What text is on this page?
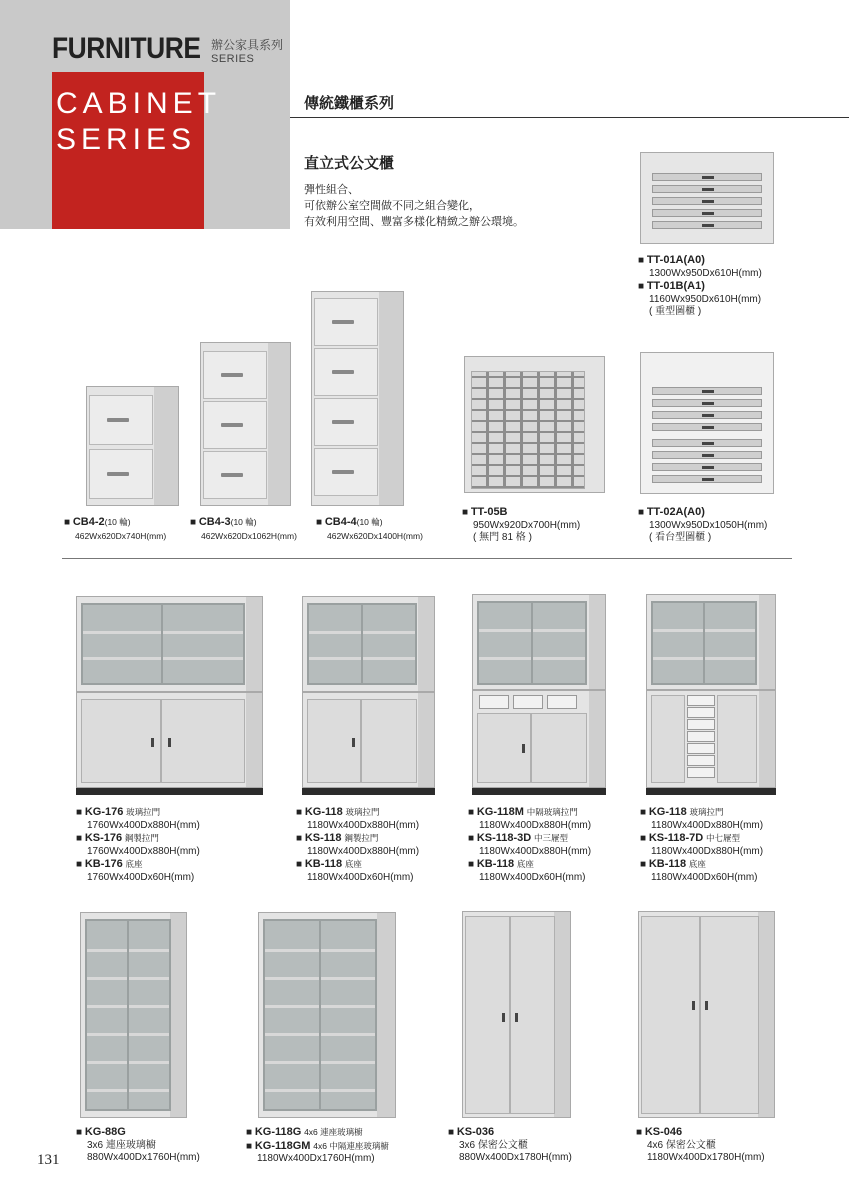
FURNITURE 辦公家具系列
SERIES
CABINET
SERIES
傳統鐵櫃系列
直立式公文櫃
彈性組合、
可依辦公室空間做不同之組合變化，
有效利用空間、豐富多樣化精緻之辦公環境。
■ CB4-2(10 輪)
462Wx620Dx740H(mm)
■ CB4-3(10 輪)
462Wx620Dx1062H(mm)
■ CB4-4(10 輪)
462Wx620Dx1400H(mm)
■ TT-05B
950Wx920Dx700H(mm)
( 無門 81 格 )
■ TT-01A(A0)
1300Wx950Dx610H(mm)
■ TT-01B(A1)
1160Wx950Dx610H(mm)
( 重型圖櫃 )
■ TT-02A(A0)
1300Wx950Dx1050H(mm)
( 看台型圖櫃 )
■ KG-176 玻璃拉門
1760Wx400Dx880H(mm)
■ KS-176 鋼製拉門
1760Wx400Dx880H(mm)
■ KB-176 底座
1760Wx400Dx60H(mm)
■ KG-118 玻璃拉門
1180Wx400Dx880H(mm)
■ KS-118 鋼製拉門
1180Wx400Dx880H(mm)
■ KB-118 底座
1180Wx400Dx60H(mm)
■ KG-118M 中隔玻璃拉門
1180Wx400Dx880H(mm)
■ KS-118-3D 中三屜型
1180Wx400Dx880H(mm)
■ KB-118 底座
1180Wx400Dx60H(mm)
■ KG-118 玻璃拉門
1180Wx400Dx880H(mm)
■ KS-118-7D 中七屜型
1180Wx400Dx880H(mm)
■ KB-118 底座
1180Wx400Dx60H(mm)
■ KG-88G
3x6 連座玻璃櫥
880Wx400Dx1760H(mm)
■ KG-118G 4x6 連座玻璃櫥
■ KG-118GM 4x6 中隔連座玻璃櫥
1180Wx400Dx1760H(mm)
■ KS-036
3x6 保密公文櫃
880Wx400Dx1780H(mm)
■ KS-046
4x6 保密公文櫃
1180Wx400Dx1780H(mm)
131
